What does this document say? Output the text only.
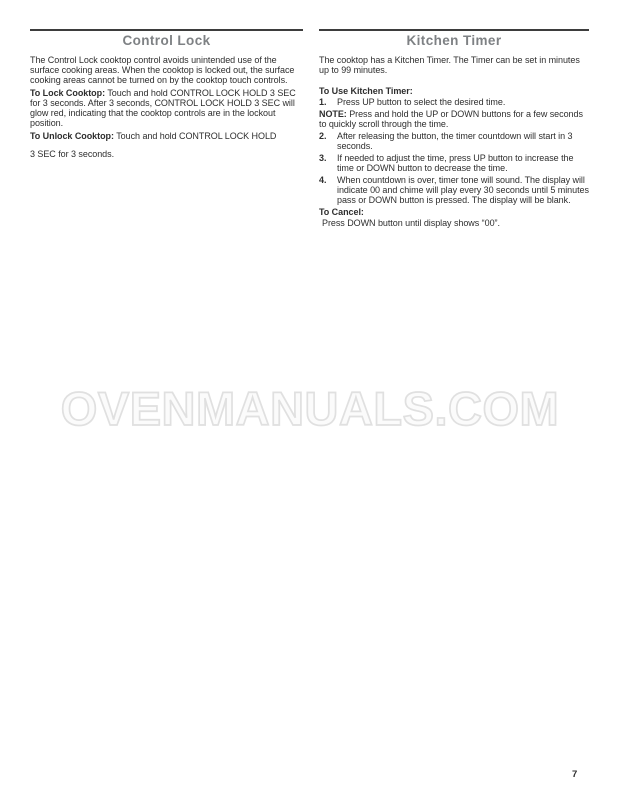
Control Lock

The Control Lock cooktop control avoids unintended use of the surface cooking areas. When the cooktop is locked out, the surface cooking areas cannot be turned on by the cooktop touch controls.

To Lock Cooktop: Touch and hold CONTROL LOCK HOLD 3 SEC for 3 seconds. After 3 seconds, CONTROL LOCK HOLD 3 SEC will glow red, indicating that the cooktop controls are in the lockout position.

To Unlock Cooktop: Touch and hold CONTROL LOCK HOLD

3 SEC for 3 seconds.

Kitchen Timer

The cooktop has a Kitchen Timer. The Timer can be set in minutes up to 99 minutes.

To Use Kitchen Timer:

1. Press UP button to select the desired time.

NOTE: Press and hold the UP or DOWN buttons for a few seconds to quickly scroll through the time.

2. After releasing the button, the timer countdown will start in 3 seconds.
3. If needed to adjust the time, press UP button to increase the time or DOWN button to decrease the time.
4. When countdown is over, timer tone will sound. The display will indicate 00 and chime will play every 30 seconds until 5 minutes pass or DOWN button is pressed. The display will be blank.

To Cancel:

Press DOWN button until display shows “00”.

OVENMANUALS.COM
7
